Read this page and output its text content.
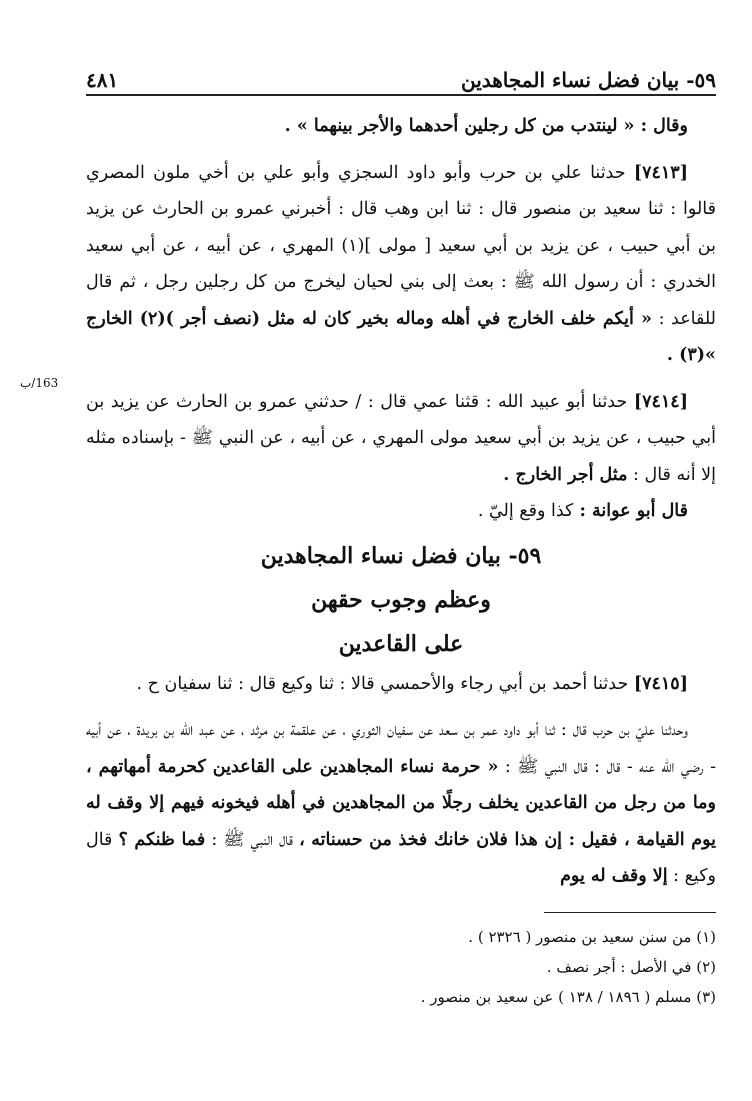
٥٩- بيان فضل نساء المجاهدين
٤٨١
163/ب

وقال : « لينتدب من كل رجلين أحدهما والأجر بينهما » .

[٧٤١٣] حدثنا علي بن حرب وأبو داود السجزي وأبو علي بن أخي ملون المصري قالوا : ثنا سعيد بن منصور قال : ثنا ابن وهب قال : أخبرني عمرو بن الحارث عن يزيد بن أبي حبيب ، عن يزيد بن أبي سعيد [ مولى ](١) المهري ، عن أبيه ، عن أبي سعيد الخدري : أن رسول الله ﷺ : بعث إلى بني لحيان ليخرج من كل رجلين رجل ، ثم قال للقاعد : « أيكم خلف الخارج في أهله وماله بخير كان له مثل (نصف أجر )(٢) الخارج »(٣) .

[٧٤١٤] حدثنا أبو عبيد الله : قثنا عمي قال : / حدثني عمرو بن الحارث عن يزيد بن أبي حبيب ، عن يزيد بن أبي سعيد مولى المهري ، عن أبيه ، عن النبي ﷺ - بإسناده مثله إلا أنه قال : مثل أجر الخارج .

قال أبو عوانة : كذا وقع إليّ .

٥٩- بيان فضل نساء المجاهدين

وعظم وجوب حقهن

على القاعدين

[٧٤١٥] حدثنا أحمد بن أبي رجاء والأحمسي قالا : ثنا وكيع قال : ثنا سفيان ح .

وحدثنا عليّ بن حرب قال : ثنا أبو داود عمر بن سعد عن سفيان الثوري ، عن علقمة بن مرثد ، عن عبد الله بن بريدة ، عن أبيه - رضي الله عنه - قال : قال النبي ﷺ : « حرمة نساء المجاهدين على القاعدين كحرمة أمهاتهم ، وما من رجل من القاعدين يخلف رجلًا من المجاهدين في أهله فيخونه فيهم إلا وقف له يوم القيامة ، فقيل : إن هذا فلان خانك فخذ من حسناته ، قال النبي ﷺ : فما ظنكم ؟ قال وكيع : إلا وقف له يوم

(١) من سنن سعيد بن منصور ( ٢٣٢٦ ) .
(٢) في الأصل : أجر نصف .
(٣) مسلم ( ١٨٩٦ / ١٣٨ ) عن سعيد بن منصور .
